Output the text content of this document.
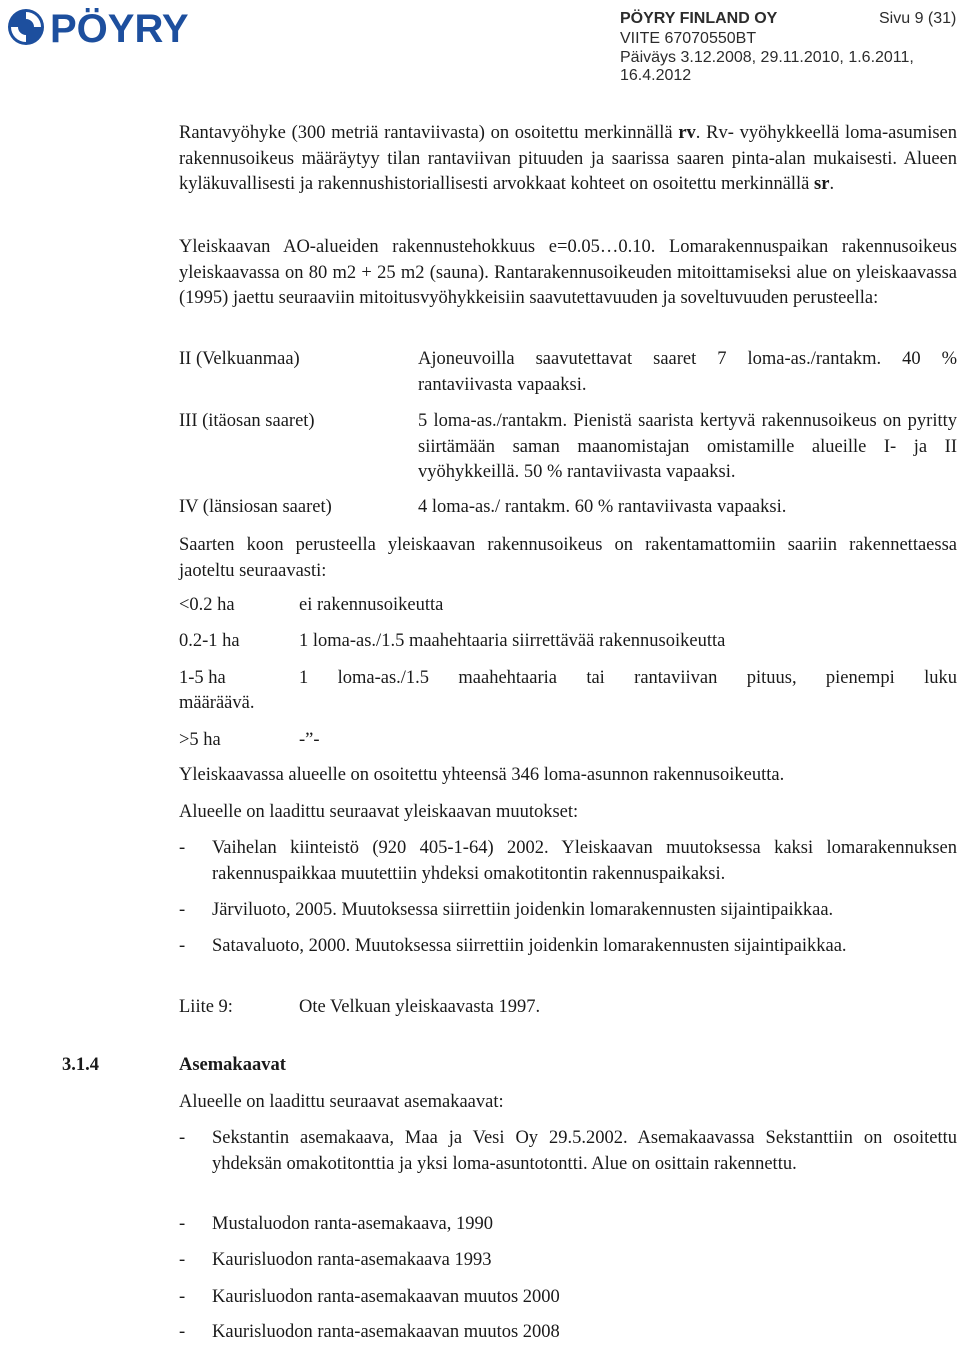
PÖYRY	PÖYRY FINLAND OY	Sivu 9 (31)
VIITE 67070550BT
Päiväys 3.12.2008, 29.11.2010, 1.6.2011,
16.4.2012
Rantavyöhyke (300 metriä rantaviivasta) on osoitettu merkinnällä rv. Rv- vyöhykkeellä loma-asumisen rakennusoikeus määräytyy tilan rantaviivan pituuden ja saarissa saaren pinta-alan mukaisesti. Alueen kyläkuvallisesti ja rakennushistoriallisesti arvokkaat kohteet on osoitettu merkinnällä sr.
Yleiskaavan AO-alueiden rakennustehokkuus e=0.05…0.10. Lomarakennuspaikan rakennusoikeus yleiskaavassa on 80 m2 + 25 m2 (sauna). Rantarakennusoikeuden mitoittamiseksi alue on yleiskaavassa (1995) jaettu seuraaviin mitoitusvyöhykkeisiin saavutettavuuden ja soveltuvuuden perusteella:
II (Velkuanmaa)	Ajoneuvoilla saavutettavat saaret 7 loma-as./rantakm. 40 % rantaviivasta vapaaksi.
III (itäosan saaret)	5 loma-as./rantakm. Pienistä saarista kertyvä rakennusoikeus on pyritty siirtämään saman maanomistajan omistamille alueille I- ja II vyöhykkeillä. 50 % rantaviivasta vapaaksi.
IV (länsiosan saaret)	4 loma-as./ rantakm. 60 % rantaviivasta vapaaksi.
Saarten koon perusteella yleiskaavan rakennusoikeus on rakentamattomiin saariin rakennettaessa jaoteltu seuraavasti:
<0.2 ha	ei rakennusoikeutta
0.2-1 ha	1 loma-as./1.5 maahehtaaria siirrettävää rakennusoikeutta
1-5 ha	1 loma-as./1.5 maahehtaaria tai rantaviivan pituus, pienempi luku
määräävä.
>5 ha	-”-
Yleiskaavassa alueelle on osoitettu yhteensä 346 loma-asunnon rakennusoikeutta.
Alueelle on laadittu seuraavat yleiskaavan muutokset:
- Vaihelan kiinteistö (920 405-1-64) 2002. Yleiskaavan muutoksessa kaksi lomarakennuksen rakennuspaikkaa muutettiin yhdeksi omakotitontin rakennuspaikaksi.
- Järviluoto, 2005. Muutoksessa siirrettiin joidenkin lomarakennusten sijaintipaikkaa.
- Satavaluoto, 2000. Muutoksessa siirrettiin joidenkin lomarakennusten sijaintipaikkaa.
Liite 9:	Ote Velkuan yleiskaavasta 1997.
3.1.4	Asemakaavat
Alueelle on laadittu seuraavat asemakaavat:
- Sekstantin asemakaava, Maa ja Vesi Oy 29.5.2002. Asemakaavassa Sekstanttiin on osoitettu yhdeksän omakotitonttia ja yksi loma-asuntotontti. Alue on osittain rakennettu.
- Mustaluodon ranta-asemakaava, 1990
- Kaurisluodon ranta-asemakaava 1993
- Kaurisluodon ranta-asemakaavan muutos 2000
- Kaurisluodon ranta-asemakaavan muutos 2008
